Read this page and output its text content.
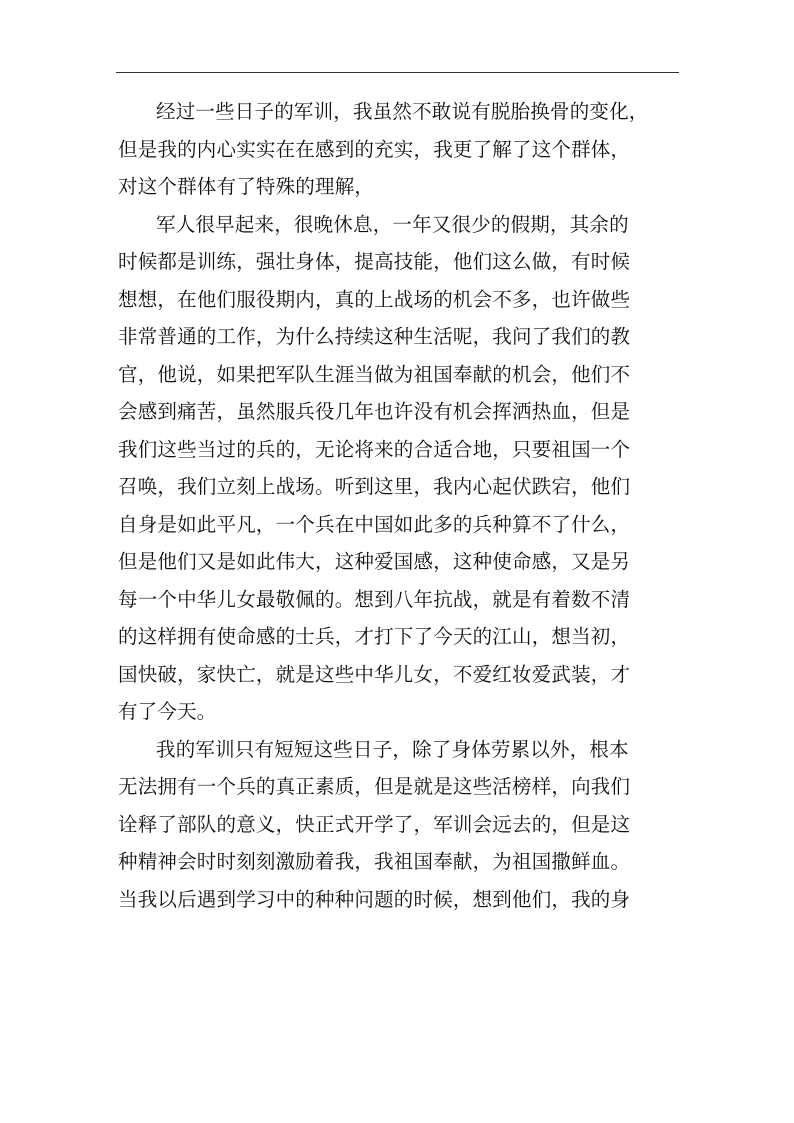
经过一些日子的军训，我虽然不敢说有脱胎换骨的变化，
但是我的内心实实在在感到的充实，我更了解了这个群体，
对这个群体有了特殊的理解，
军人很早起来，很晚休息，一年又很少的假期，其余的
时候都是训练，强壮身体，提高技能，他们这么做，有时候
想想，在他们服役期内，真的上战场的机会不多，也许做些
非常普通的工作，为什么持续这种生活呢，我问了我们的教
官，他说，如果把军队生涯当做为祖国奉献的机会，他们不
会感到痛苦，虽然服兵役几年也许没有机会挥洒热血，但是
我们这些当过的兵的，无论将来的合适合地，只要祖国一个
召唤，我们立刻上战场。听到这里，我内心起伏跌宕，他们
自身是如此平凡，一个兵在中国如此多的兵种算不了什么，
但是他们又是如此伟大，这种爱国感，这种使命感，又是另
每一个中华儿女最敬佩的。想到八年抗战，就是有着数不清
的这样拥有使命感的士兵，才打下了今天的江山，想当初，
国快破，家快亡，就是这些中华儿女，不爱红妆爱武装，才
有了今天。
我的军训只有短短这些日子，除了身体劳累以外，根本
无法拥有一个兵的真正素质，但是就是这些活榜样，向我们
诠释了部队的意义，快正式开学了，军训会远去的，但是这
种精神会时时刻刻激励着我，我祖国奉献，为祖国撒鲜血。
当我以后遇到学习中的种种问题的时候，想到他们，我的身
